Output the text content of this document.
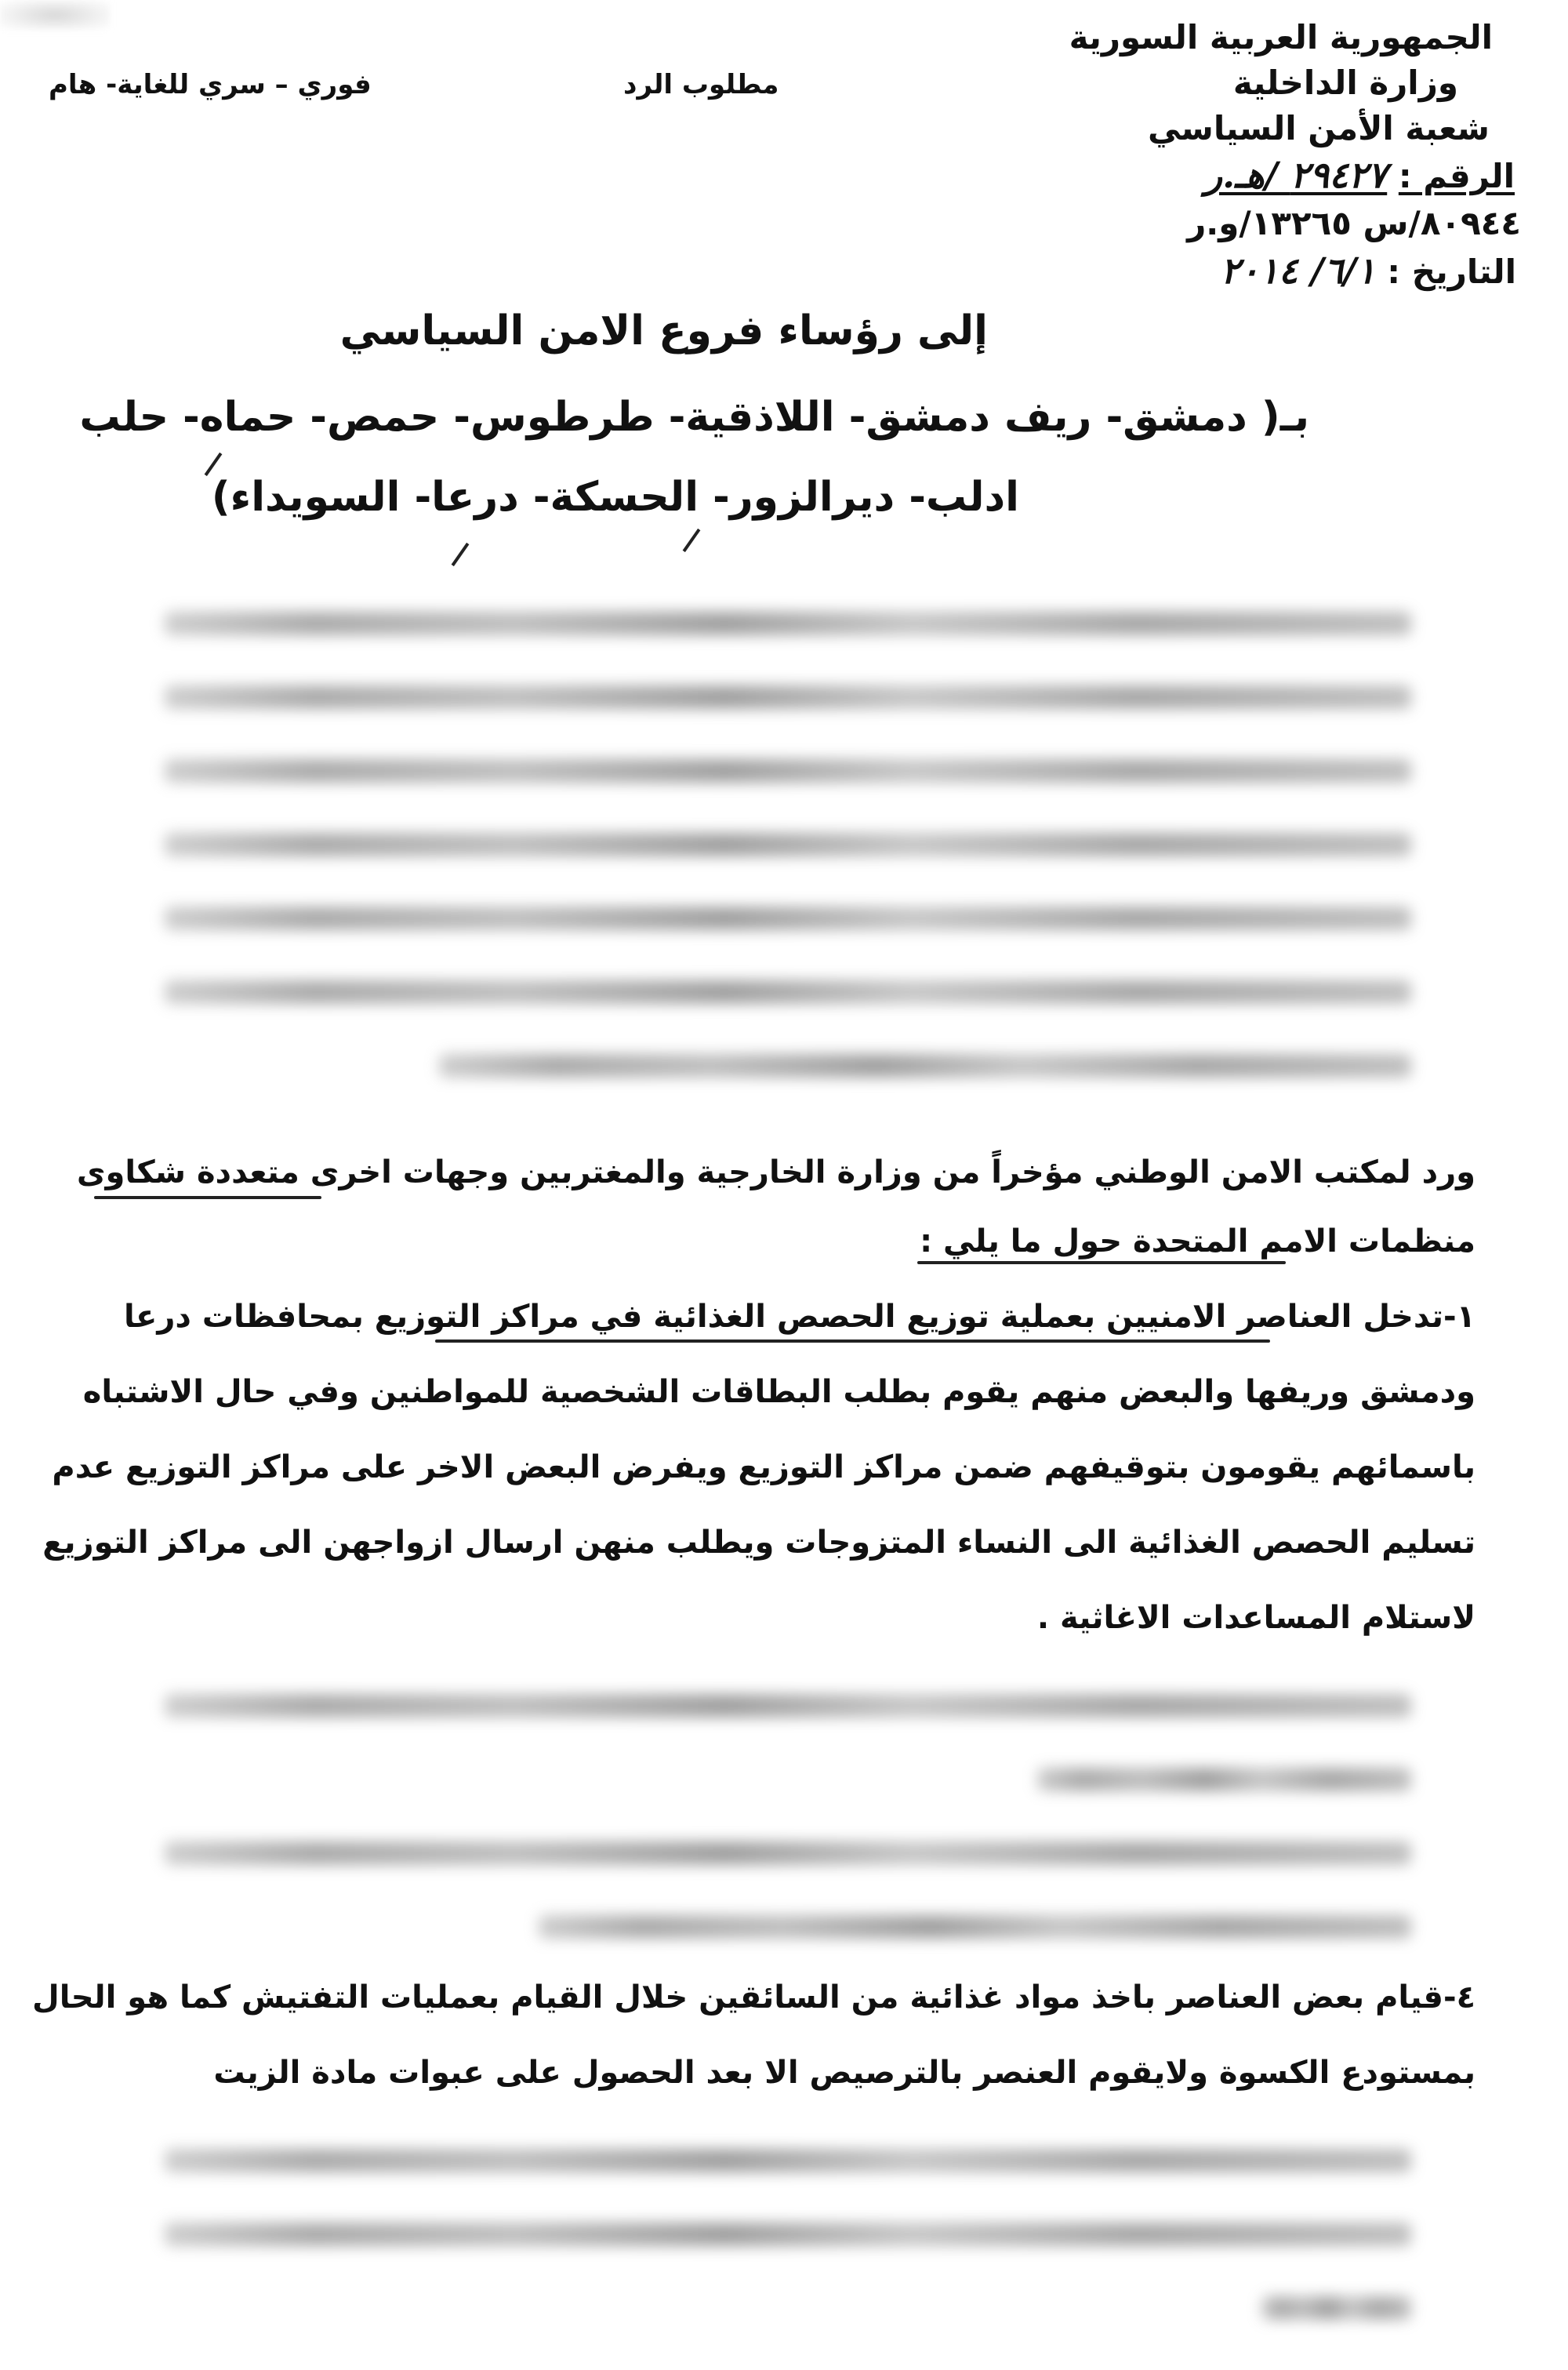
الجمهورية العربية السورية
وزارة الداخلية
شعبة الأمن السياسي
الرقم : ٢٩٤٢٧ /هـ.ر
٨٠٩٤٤/س ١٣٢٦٥/و.ر
التاريخ : ٦/١/ ٢٠١٤
فوري – سري للغاية- هام	مطلوب الرد
إلى رؤساء فروع الامن السياسي
بـ( دمشق- ريف دمشق- اللاذقية- طرطوس- حمص- حماه- حلب
ادلب- ديرالزور- الحسكة- درعا- السويداء)
ورد لمكتب الامن الوطني مؤخراً من وزارة الخارجية والمغتربين وجهات اخرى متعددة شكاوى
منظمات الامم المتحدة حول ما يلي :
١-تدخل العناصر الامنيين بعملية توزيع الحصص الغذائية في مراكز التوزيع بمحافظات درعا
ودمشق وريفها والبعض منهم يقوم بطلب البطاقات الشخصية للمواطنين وفي حال الاشتباه
باسمائهم يقومون بتوقيفهم ضمن مراكز التوزيع ويفرض البعض الاخر على مراكز التوزيع عدم
تسليم الحصص الغذائية الى النساء المتزوجات ويطلب منهن ارسال ازواجهن الى مراكز التوزيع
لاستلام المساعدات الاغاثية .
٤-قيام بعض العناصر باخذ مواد غذائية من السائقين خلال القيام بعمليات التفتيش كما هو الحال
بمستودع الكسوة ولايقوم العنصر بالترصيص الا بعد الحصول على عبوات مادة الزيت
